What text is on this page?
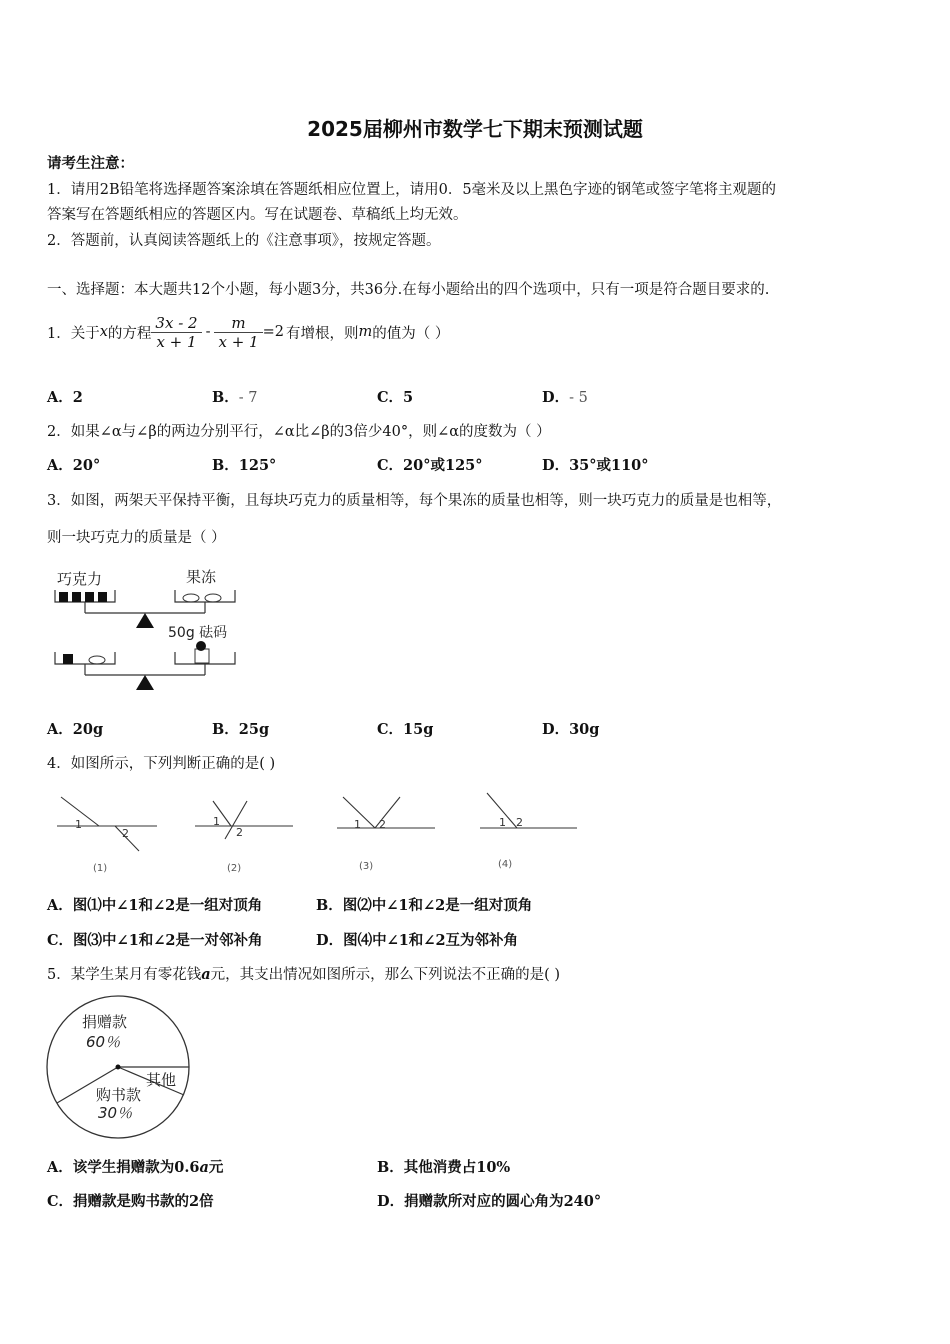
2025届柳州市数学七下期末预测试题
请考生注意：
1．请用2B铅笔将选择题答案涂填在答题纸相应位置上，请用0．5毫米及以上黑色字迹的钢笔或签字笔将主观题的
答案写在答题纸相应的答题区内。写在试题卷、草稿纸上均无效。
2．答题前，认真阅读答题纸上的《注意事项》，按规定答题。
一、选择题：本大题共12个小题，每小题3分，共36分.在每小题给出的四个选项中，只有一项是符合题目要求的.
1．关于 x 的方程 $\frac{3x - 2}{x + 1} - \frac{m}{x + 1} =2$ 有增根，则 m 的值为（ ）
A．2	B．- 7	C．5	D．- 5
2．如果∠α与∠β的两边分别平行，∠α比∠β的3倍少40°，则∠α的度数为（ ）
A．20°	B．125°	C．20°或125°	D．35°或110°
3．如图，两架天平保持平衡，且每块巧克力的质量相等，每个果冻的质量也相等，则一块巧克力的质量是也相等，
则一块巧克力的质量是（ ）
巧克力	果冻
50g 砝码
A．20g	B．25g	C．15g	D．30g
4．如图所示，下列判断正确的是( )
1
2
(1)
1
2
(2)
1 2
(3)
1 2
(4)
A．图⑴中∠1和∠2是一组对顶角	B．图⑵中∠1和∠2是一组对顶角
C．图⑶中∠1和∠2是一对邻补角	D．图⑷中∠1和∠2互为邻补角
5．某学生某月有零花钱a元，其支出情况如图所示，那么下列说法不正确的是( )
捐赠款
60％
其他
购书款
30％
A．该学生捐赠款为0.6a元	B．其他消费占10%
C．捐赠款是购书款的2倍	D．捐赠款所对应的圆心角为240°
